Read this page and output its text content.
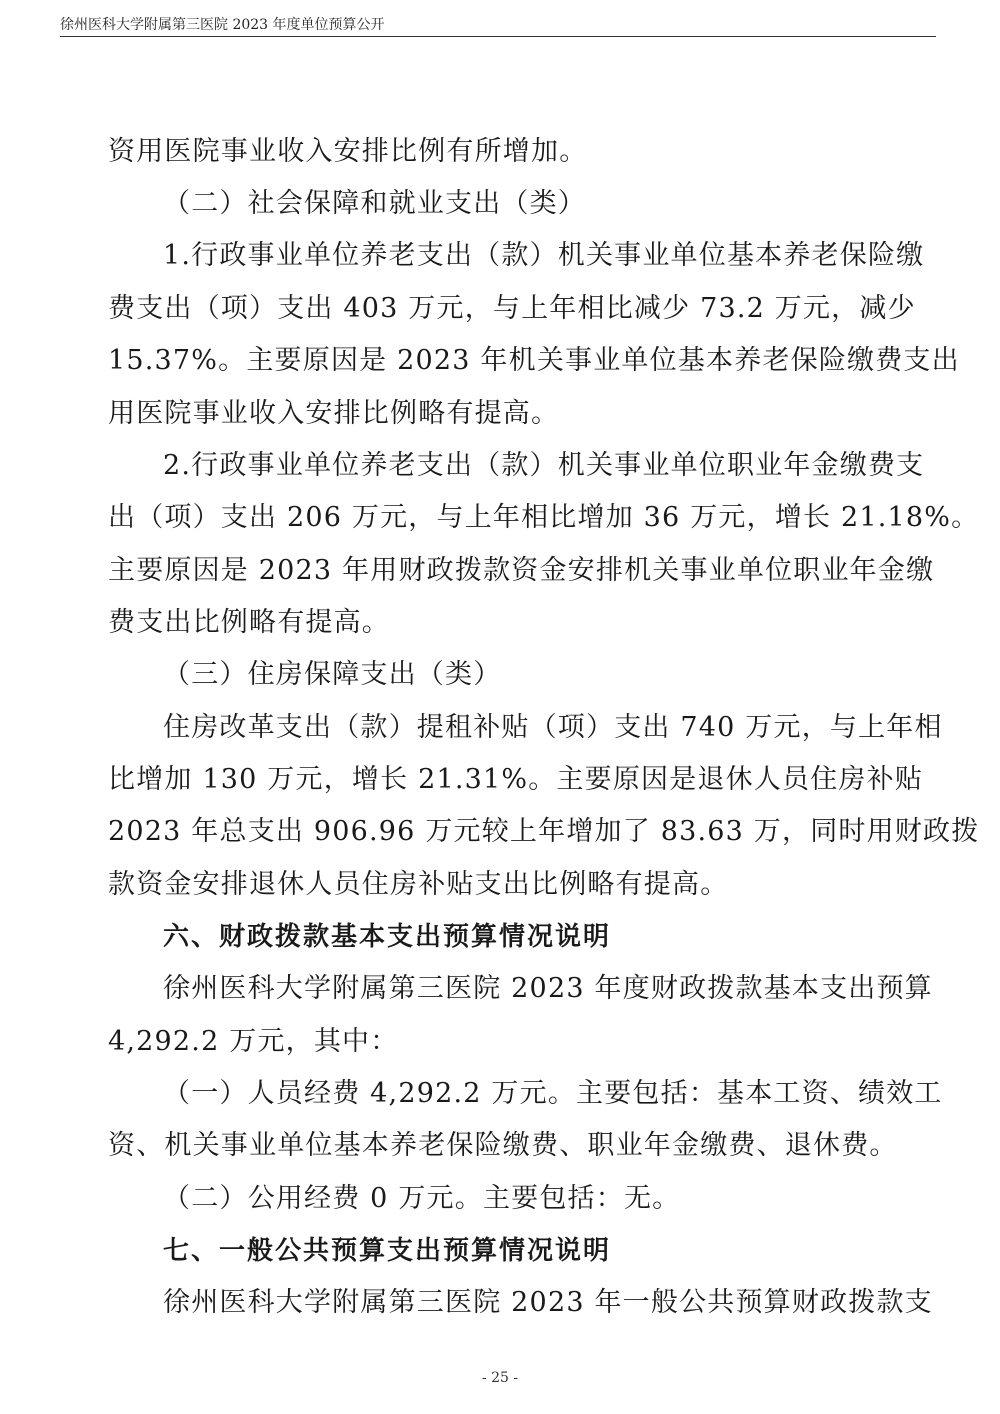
徐州医科大学附属第三医院 2023 年度单位预算公开
资用医院事业收入安排比例有所增加。
（二）社会保障和就业支出（类）
1.行政事业单位养老支出（款）机关事业单位基本养老保险缴
费支出（项）支出 403 万元，与上年相比减少 73.2 万元，减少
15.37%。主要原因是 2023 年机关事业单位基本养老保险缴费支出
用医院事业收入安排比例略有提高。
2.行政事业单位养老支出（款）机关事业单位职业年金缴费支
出（项）支出 206 万元，与上年相比增加 36 万元，增长 21.18%。
主要原因是 2023 年用财政拨款资金安排机关事业单位职业年金缴
费支出比例略有提高。
（三）住房保障支出（类）
住房改革支出（款）提租补贴（项）支出 740 万元，与上年相
比增加 130 万元，增长 21.31%。主要原因是退休人员住房补贴
2023 年总支出 906.96 万元较上年增加了 83.63 万，同时用财政拨
款资金安排退休人员住房补贴支出比例略有提高。
六、财政拨款基本支出预算情况说明
徐州医科大学附属第三医院 2023 年度财政拨款基本支出预算
4,292.2 万元，其中：
（一）人员经费 4,292.2 万元。主要包括：基本工资、绩效工
资、机关事业单位基本养老保险缴费、职业年金缴费、退休费。
（二）公用经费 0 万元。主要包括：无。
七、一般公共预算支出预算情况说明
徐州医科大学附属第三医院 2023 年一般公共预算财政拨款支
- 25 -
